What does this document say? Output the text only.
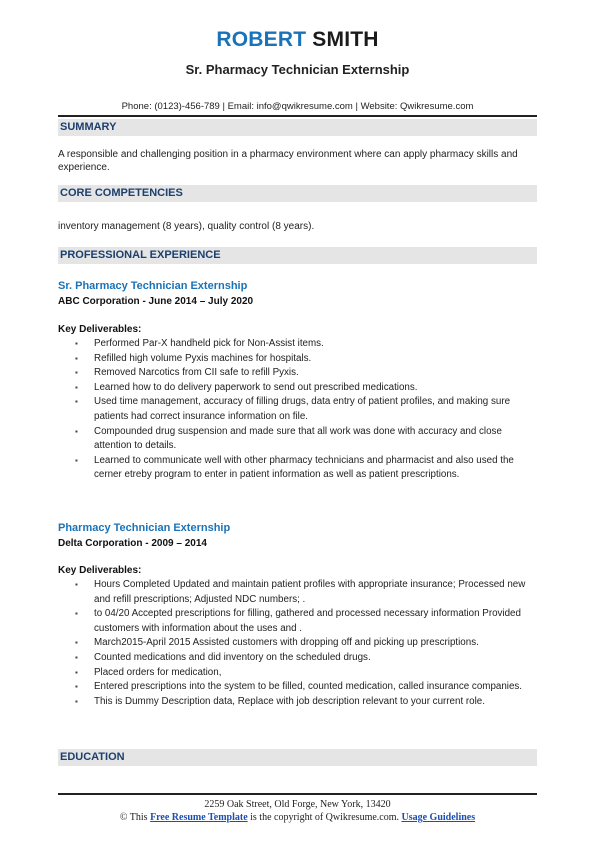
ROBERT SMITH
Sr. Pharmacy Technician Externship
Phone: (0123)-456-789 | Email: info@qwikresume.com | Website: Qwikresume.com
SUMMARY
A responsible and challenging position in a pharmacy environment where can apply pharmacy skills and experience.
CORE COMPETENCIES
inventory management (8 years), quality control (8 years).
PROFESSIONAL EXPERIENCE
Sr. Pharmacy Technician Externship
ABC Corporation - June 2014 – July 2020
Key Deliverables:
▪ Performed Par-X handheld pick for Non-Assist items.
▪ Refilled high volume Pyxis machines for hospitals.
▪ Removed Narcotics from CII safe to refill Pyxis.
▪ Learned how to do delivery paperwork to send out prescribed medications.
▪ Used time management, accuracy of filling drugs, data entry of patient profiles, and making sure patients had correct insurance information on file.
▪ Compounded drug suspension and made sure that all work was done with accuracy and close attention to details.
▪ Learned to communicate well with other pharmacy technicians and pharmacist and also used the cerner etreby program to enter in patient information as well as patient prescriptions.
Pharmacy Technician Externship
Delta Corporation - 2009 – 2014
Key Deliverables:
▪ Hours Completed Updated and maintain patient profiles with appropriate insurance; Processed new and refill prescriptions; Adjusted NDC numbers; .
▪ to 04/20 Accepted prescriptions for filling, gathered and processed necessary information Provided customers with information about the uses and .
▪ March2015-April 2015 Assisted customers with dropping off and picking up prescriptions.
▪ Counted medications and did inventory on the scheduled drugs.
▪ Placed orders for medication,
▪ Entered prescriptions into the system to be filled, counted medication, called insurance companies.
▪ This is Dummy Description data, Replace with job description relevant to your current role.
EDUCATION
2259 Oak Street, Old Forge, New York, 13420
© This Free Resume Template is the copyright of Qwikresume.com. Usage Guidelines
